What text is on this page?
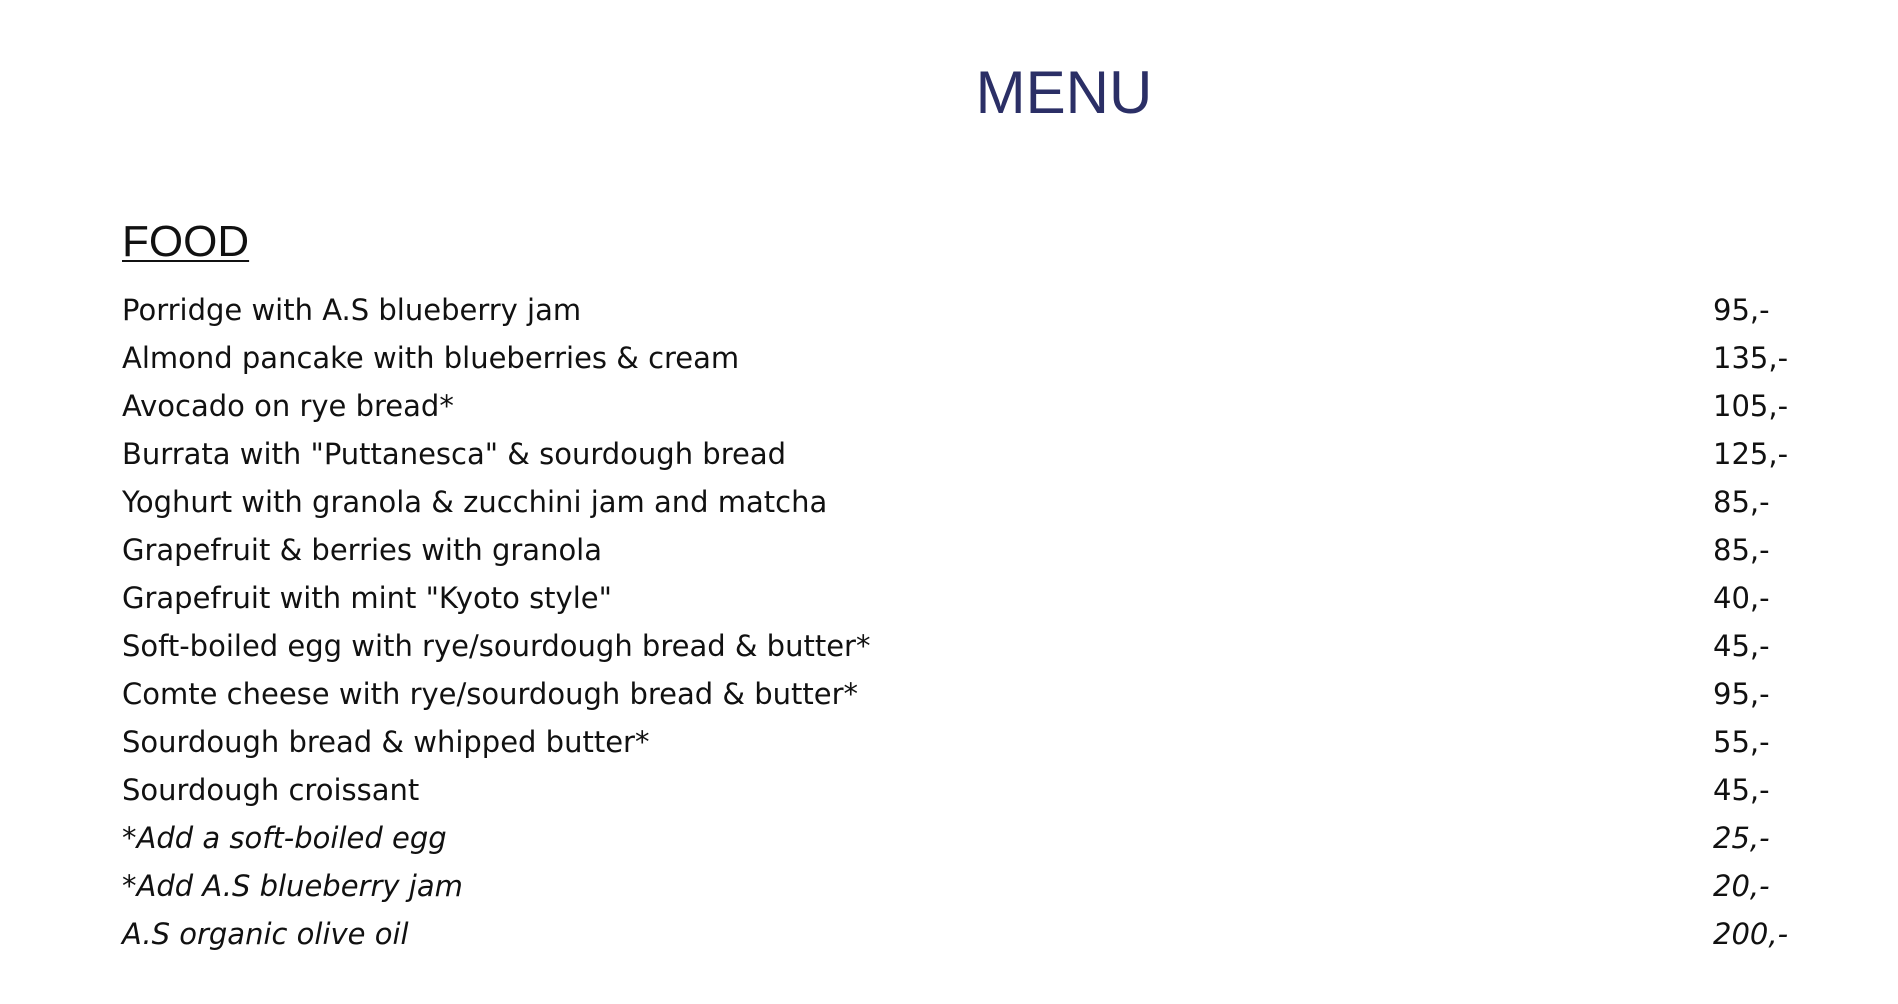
MENU
FOOD
Porridge with A.S blueberry jam	95,-
Almond pancake with blueberries & cream	135,-
Avocado on rye bread*	105,-
Burrata with "Puttanesca" & sourdough bread	125,-
Yoghurt with granola & zucchini jam and matcha	85,-
Grapefruit & berries with granola	85,-
Grapefruit with mint "Kyoto style"	40,-
Soft-boiled egg with rye/sourdough bread & butter*	45,-
Comte cheese with rye/sourdough bread & butter*	95,-
Sourdough bread & whipped butter*	55,-
Sourdough croissant	45,-
*Add a soft-boiled egg	25,-
*Add A.S blueberry jam	20,-
A.S organic olive oil	200,-
